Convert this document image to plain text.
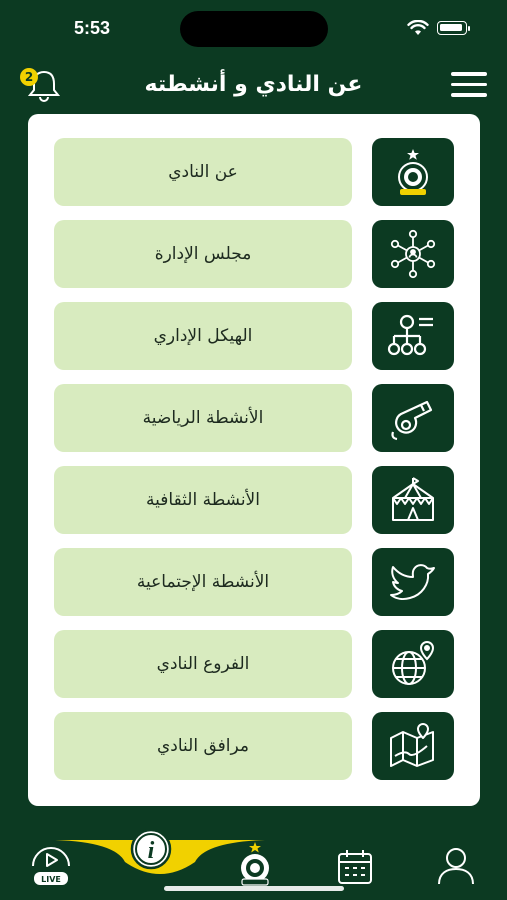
5:53
2	عن النادي و أنشطته
عن النادي
مجلس الإدارة
الهيكل الإداري
الأنشطة الرياضية
الأنشطة الثقافية
الأنشطة الإجتماعية
الفروع النادي
مرافق النادي
LIVE
i
